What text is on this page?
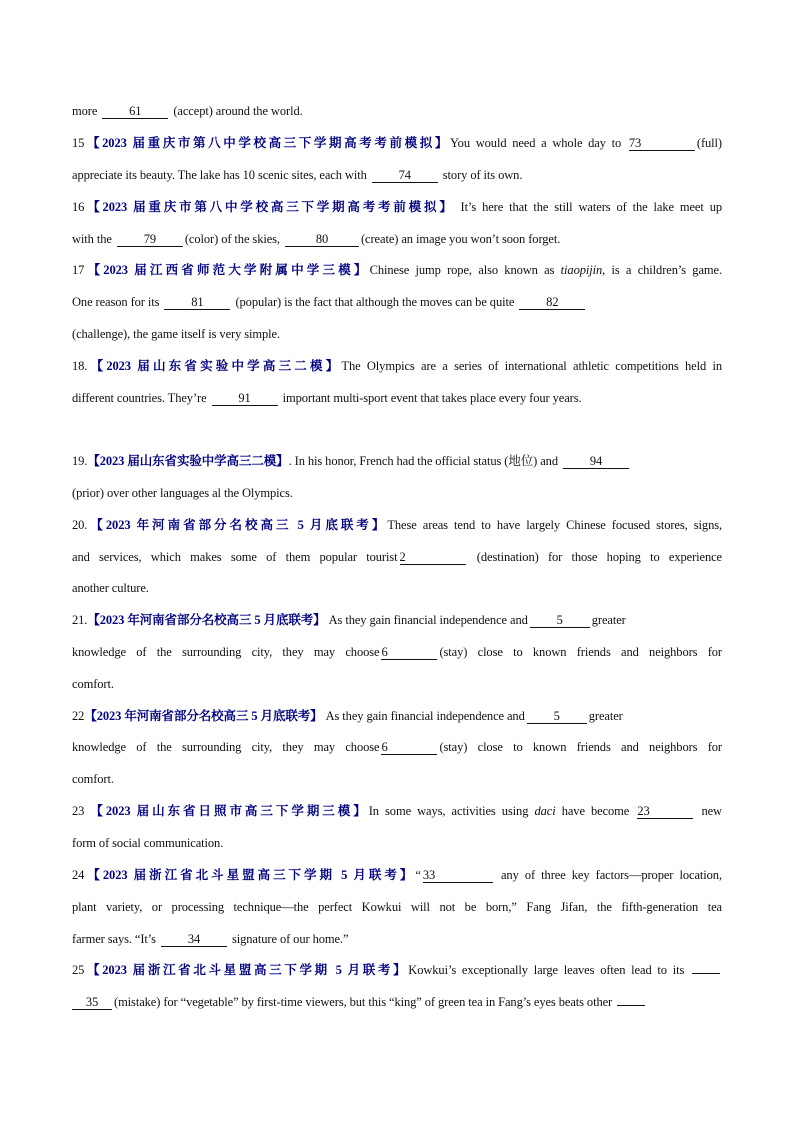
more 61 (accept) around the world.
15【2023 届重庆市第八中学校高三下学期高考考前模拟】You would need a whole day to 73	(full)
appreciate its beauty. The lake has 10 scenic sites, each with 74 story of its own.
16【2023 届重庆市第八中学校高三下学期高考考前模拟】 It’s here that the still waters of the lake meet up
with the 79 (color) of the skies,	80	(create) an image you won’t soon forget.
17【2023 届江西省师范大学附属中学三模】Chinese jump rope, also known as tiaopijin, is a children’s game.
One reason for its 81 (popular) is the fact that although the moves can be quite 82
(challenge), the game itself is very simple.
18.【2023 届山东省实验中学高三二模】The Olympics are a series of international athletic competitions held in
different countries. They’re 91 important multi-sport event that takes place every four years.
19.【2023 届山东省实验中学高三二模】. In his honor, French had the official status (地位) and 94
(prior) over other languages al the Olympics.
20.【2023 年河南省部分名校高三 5 月底联考】These areas tend to have largely Chinese focused stores, signs,
and services, which makes some of them popular tourist 2	(destination) for those hoping to experience
another culture.
21.【2023 年河南省部分名校高三 5 月底联考】 As they gain financial independence and 5 greater
knowledge of the surrounding city, they may choose 6	(stay) close to known friends and neighbors for
comfort.
22【2023 年河南省部分名校高三 5 月底联考】 As they gain financial independence and 5 greater
knowledge of the surrounding city, they may choose 6	(stay) close to known friends and neighbors for
comfort.
23 【2023 届山东省日照市高三下学期三模】In some ways, activities using daci have become 23	new
form of social communication.
24【2023 届浙江省北斗星盟高三下学期 5 月联考】“ 33	any of three key factors—proper location,
plant variety, or processing technique—the perfect Kowkui will not be born,” Fang Jifan, the fifth-generation tea
farmer says. “It’s 34 signature of our home.”
25【2023 届浙江省北斗星盟高三下学期 5 月联考】Kowkui’s exceptionally large leaves often lead to its
35 (mistake) for “vegetable” by first-time viewers, but this “king” of green tea in Fang’s eyes beats other
